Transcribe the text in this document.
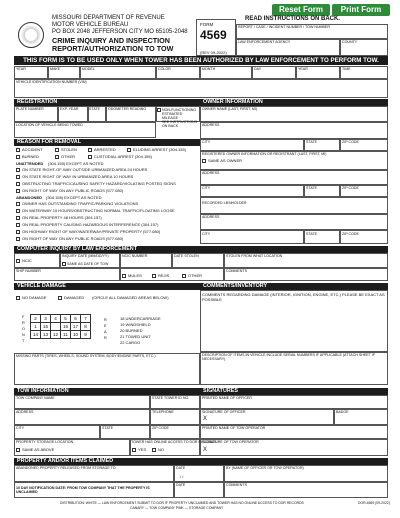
Reset Form	Print Form
MISSOURI DEPARTMENT OF REVENUE
MOTOR VEHICLE BUREAU
PO BOX 2048 JEFFERSON CITY MO 65105-2048
CRIME INQUIRY AND INSPECTION
REPORT/AUTHORIZATION TO TOW
FORM
4569
(REV 09-2022)
READ INSTRUCTIONS ON BACK.
REPORT / CASE / INCIDENT NUMBER / TOW NUMBER
LAW ENFORCEMENT AGENCY	COUNTY
THIS FORM IS TO BE USED ONLY WHEN TOWER HAS BEEN AUTHORIZED BY LAW ENFORCEMENT TO PERFORM TOW.
YEAR	MAKE	MODEL	COLOR	MONTH	DAY	YEAR	TIME
VEHICLE IDENTIFICATION NUMBER (VIN)
REGISTRATION	OWNER INFORMATION
PLATE NUMBER	EXP. YEAR	STATE ODOMETER READING	NON-FUNCTIONING
ESTIMATED
MILEAGE
SEE INSTRUCTIONS
ON BACK
LOCATION OF VEHICLE BEING TOWED
OWNER NAME (LAST, FIRST, MI)
ADDRESS
CITY	STATE	ZIP CODE
REASON FOR REMOVAL
ACCIDENT	STOLEN	ARRESTED	ELUDING ARREST (304.155)
BURNED	OTHER	CUSTODIAL ARREST (304.155)
UNATTENDED (304.155) EXCEPT AS NOTED
ON STATE RIGHT-OF-WAY OUTSIDE URBANIZED AREA 24 HOURS
ON STATE RIGHT OF WAY IN URBANIZED AREA 10 HOURS
OBSTRUCTING TRAFFIC/CAUSING SAFETY HAZARD/VIOLATING POSTED SIGNS
ON RIGHT OF WAY ON ANY PUBLIC ROADS (577.080)
ABANDONED (304.155) EXCEPT AS NOTED
OWNER HAS OUTSTANDING TRAFFIC/PARKING VIOLATIONS
ON WATERWAY 10 HOURS/OBSTRUCTING NORMAL TRAFFIC/FLOATING LOOSE
ON REAL PROPERTY 48 HOURS (304.157)
ON REAL PROPERTY CAUSING HAZARDOUS INTERFERENCE (304.157)
ON HIGHWAY RIGHT OF WAY/WATERWAY/PRIVATE PROPERTY (577.080)
ON RIGHT OF WAY ON ANY PUBLIC ROADS (577.080)
REGISTERED OWNER INFORMATION OR REGISTRANT (LAST, FIRST, MI)
SAME AS OWNER
ADDRESS
CITY	STATE	ZIP CODE
RECORDED LIENHOLDER
ADDRESS
CITY	STATE	ZIP CODE
COMPUTER INQUIRY BY LAW ENFORCEMENT
NCIC
INQUIRY DATE (MM/DD/YY)
SAME AS DATE OF TOW
NCIC NUMBER	DATE STOLEN	STOLEN FROM WHAT LOCATION
SHIP NUMBER
MULES	REJIS	OTHER
COMMENTS
VEHICLE DAMAGE	COMMENTS/INVENTORY
NO DAMAGE	DAMAGED (CIRCLE ALL DAMAGED AREAS BELOW)
F
R
O
N
T
2	3	4	5	6	7
1	15		16	17	8
14	13	12	11	10	9
R
E
A
R
18 UNDERCARRIAGE
19 WINDSHIELD
20 BURNED
21 TOWED UNIT
22 CARGO
MISSING PARTS (TIRES, WHEELS, SOUND SYSTEM, BODY/ENGINE PARTS, ETC.)
COMMENTS REGARDING DAMAGE (INTERIOR, IGNITION, ENGINE, ETC.) PLEASE BE EXACT AS POSSIBLE
DESCRIPTION OF ITEMS IN VEHICLE INCLUDE SERIAL NUMBERS IF APPLICABLE (ATTACH SHEET IF NECESSARY)
TOW INFORMATION	SIGNATURES
TOW COMPANY NAME	STATE TOWER ID NO.
ADDRESS	TELEPHONE
CITY	STATE	ZIP CODE
PROPERTY STORAGE LOCATION
SAME AS ABOVE
TOWER HAS ONLINE ACCESS TO DOR RECORDS
YES	NO
PRINTED NAME OF OFFICER
SIGNATURE OF OFFICER
X
BADGE
PRINTED NAME OF TOW OPERATOR
SIGNATURE OF TOW OPERATOR
X
PROPERTY AND/OR ITEMS CLAIMED
ABANDONED PROPERTY RELEASED FROM STORAGE TO	DATE
/ /
BY (NAME OF OFFICER OR TOW OPERATOR)
10 DAY NOTIFICATION DATE: FROM TOW COMPANY THAT THE PROPERTY IS UNCLAIMED
DATE	COMMENTS
DISTRIBUTION: WHITE — LAW ENFORCEMENT SUBMIT TO DOR IF PROPERTY UNCLAIMED AND TOWER HAS NO ONLINE ACCESS TO DOR RECORDS
CANARY — TOW COMPANY PINK — STORAGE COMPANY
DOR-4569 (09-2022)
